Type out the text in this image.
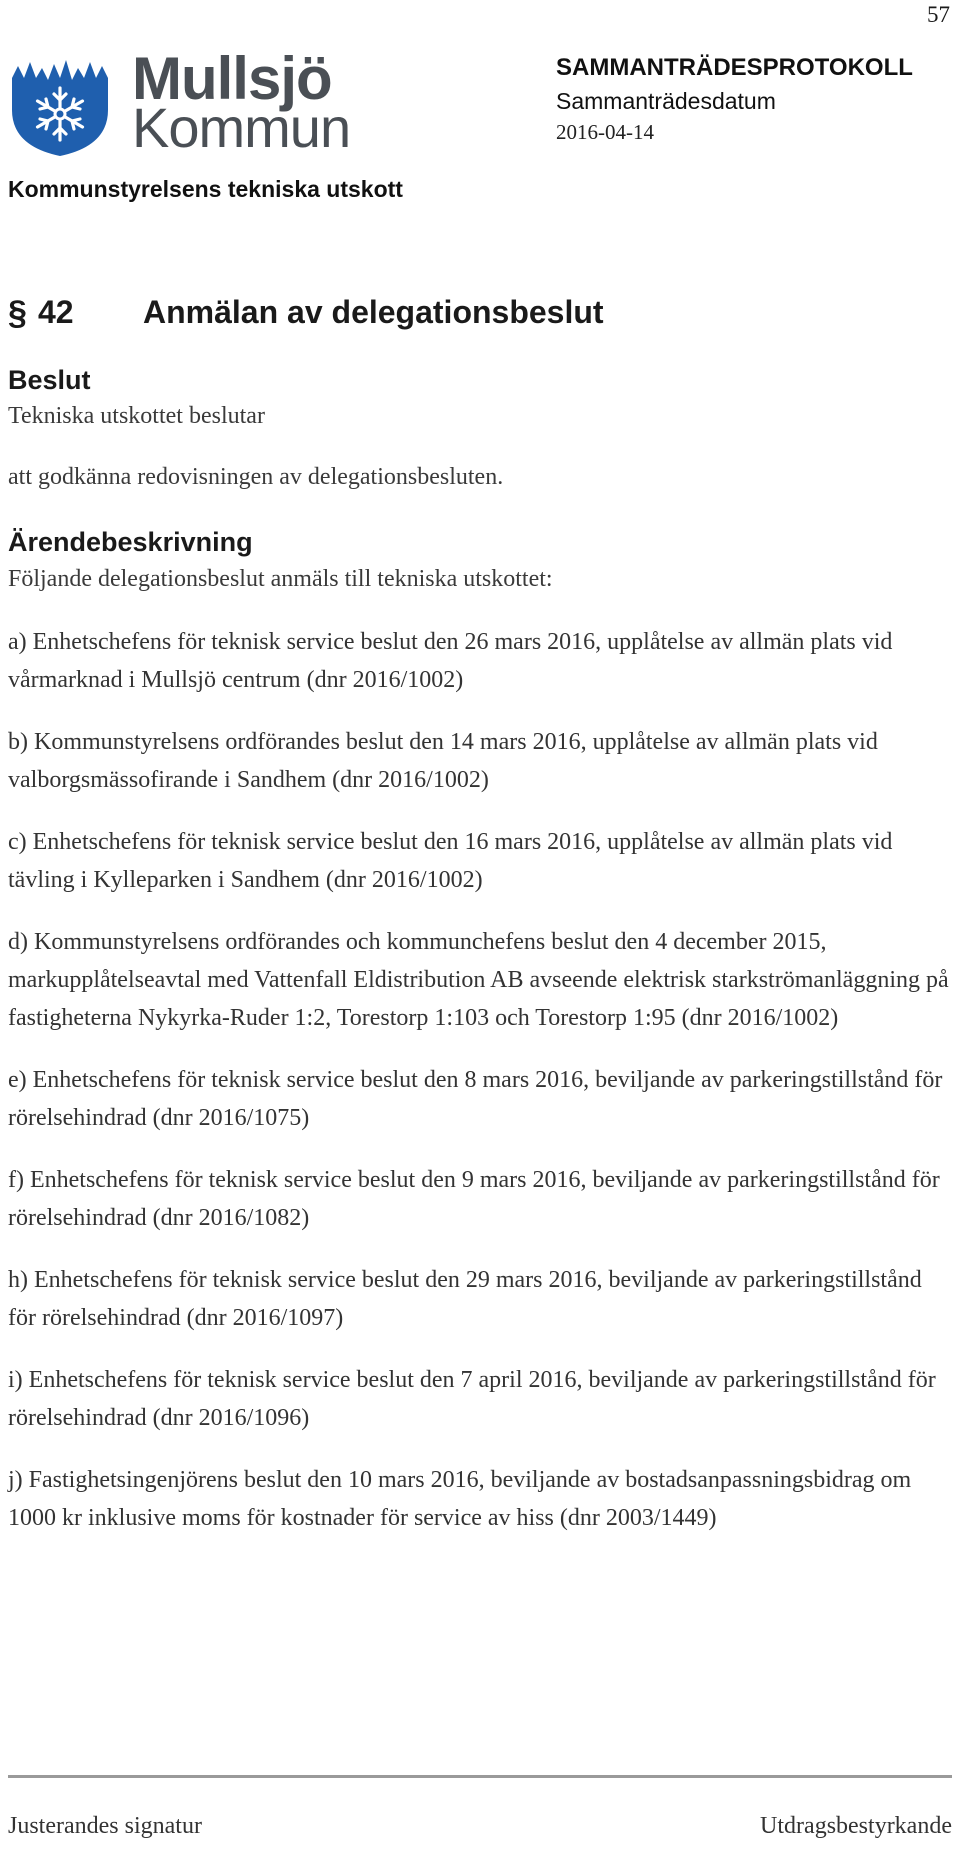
57
Mullsjö
Kommun
SAMMANTRÄDESPROTOKOLL
Sammanträdesdatum
2016-04-14
Kommunstyrelsens tekniska utskott
§ 42 Anmälan av delegationsbeslut
Beslut
Tekniska utskottet beslutar
att godkänna redovisningen av delegationsbesluten.
Ärendebeskrivning
Följande delegationsbeslut anmäls till tekniska utskottet:

a) Enhetschefens för teknisk service beslut den 26 mars 2016, upplåtelse av allmän plats vid vårmarknad i Mullsjö centrum (dnr 2016/1002)

b) Kommunstyrelsens ordförandes beslut den 14 mars 2016, upplåtelse av allmän plats vid valborgsmässofirande i Sandhem (dnr 2016/1002)

c) Enhetschefens för teknisk service beslut den 16 mars 2016, upplåtelse av allmän plats vid tävling i Kylleparken i Sandhem (dnr 2016/1002)

d) Kommunstyrelsens ordförandes och kommunchefens beslut den 4 december 2015, markupplåtelseavtal med Vattenfall Eldistribution AB avseende elektrisk starkströmanläggning på fastigheterna Nykyrka-Ruder 1:2, Torestorp 1:103 och Torestorp 1:95 (dnr 2016/1002)

e) Enhetschefens för teknisk service beslut den 8 mars 2016, beviljande av parkeringstillstånd för rörelsehindrad (dnr 2016/1075)

f) Enhetschefens för teknisk service beslut den 9 mars 2016, beviljande av parkeringstillstånd för rörelsehindrad (dnr 2016/1082)

h) Enhetschefens för teknisk service beslut den 29 mars 2016, beviljande av parkeringstillstånd för rörelsehindrad (dnr 2016/1097)

i) Enhetschefens för teknisk service beslut den 7 april 2016, beviljande av parkeringstillstånd för rörelsehindrad (dnr 2016/1096)

j) Fastighetsingenjörens beslut den 10 mars 2016, beviljande av bostadsanpassningsbidrag om 1000 kr inklusive moms för kostnader för service av hiss (dnr 2003/1449)

Justerandes signatur	Utdragsbestyrkande
